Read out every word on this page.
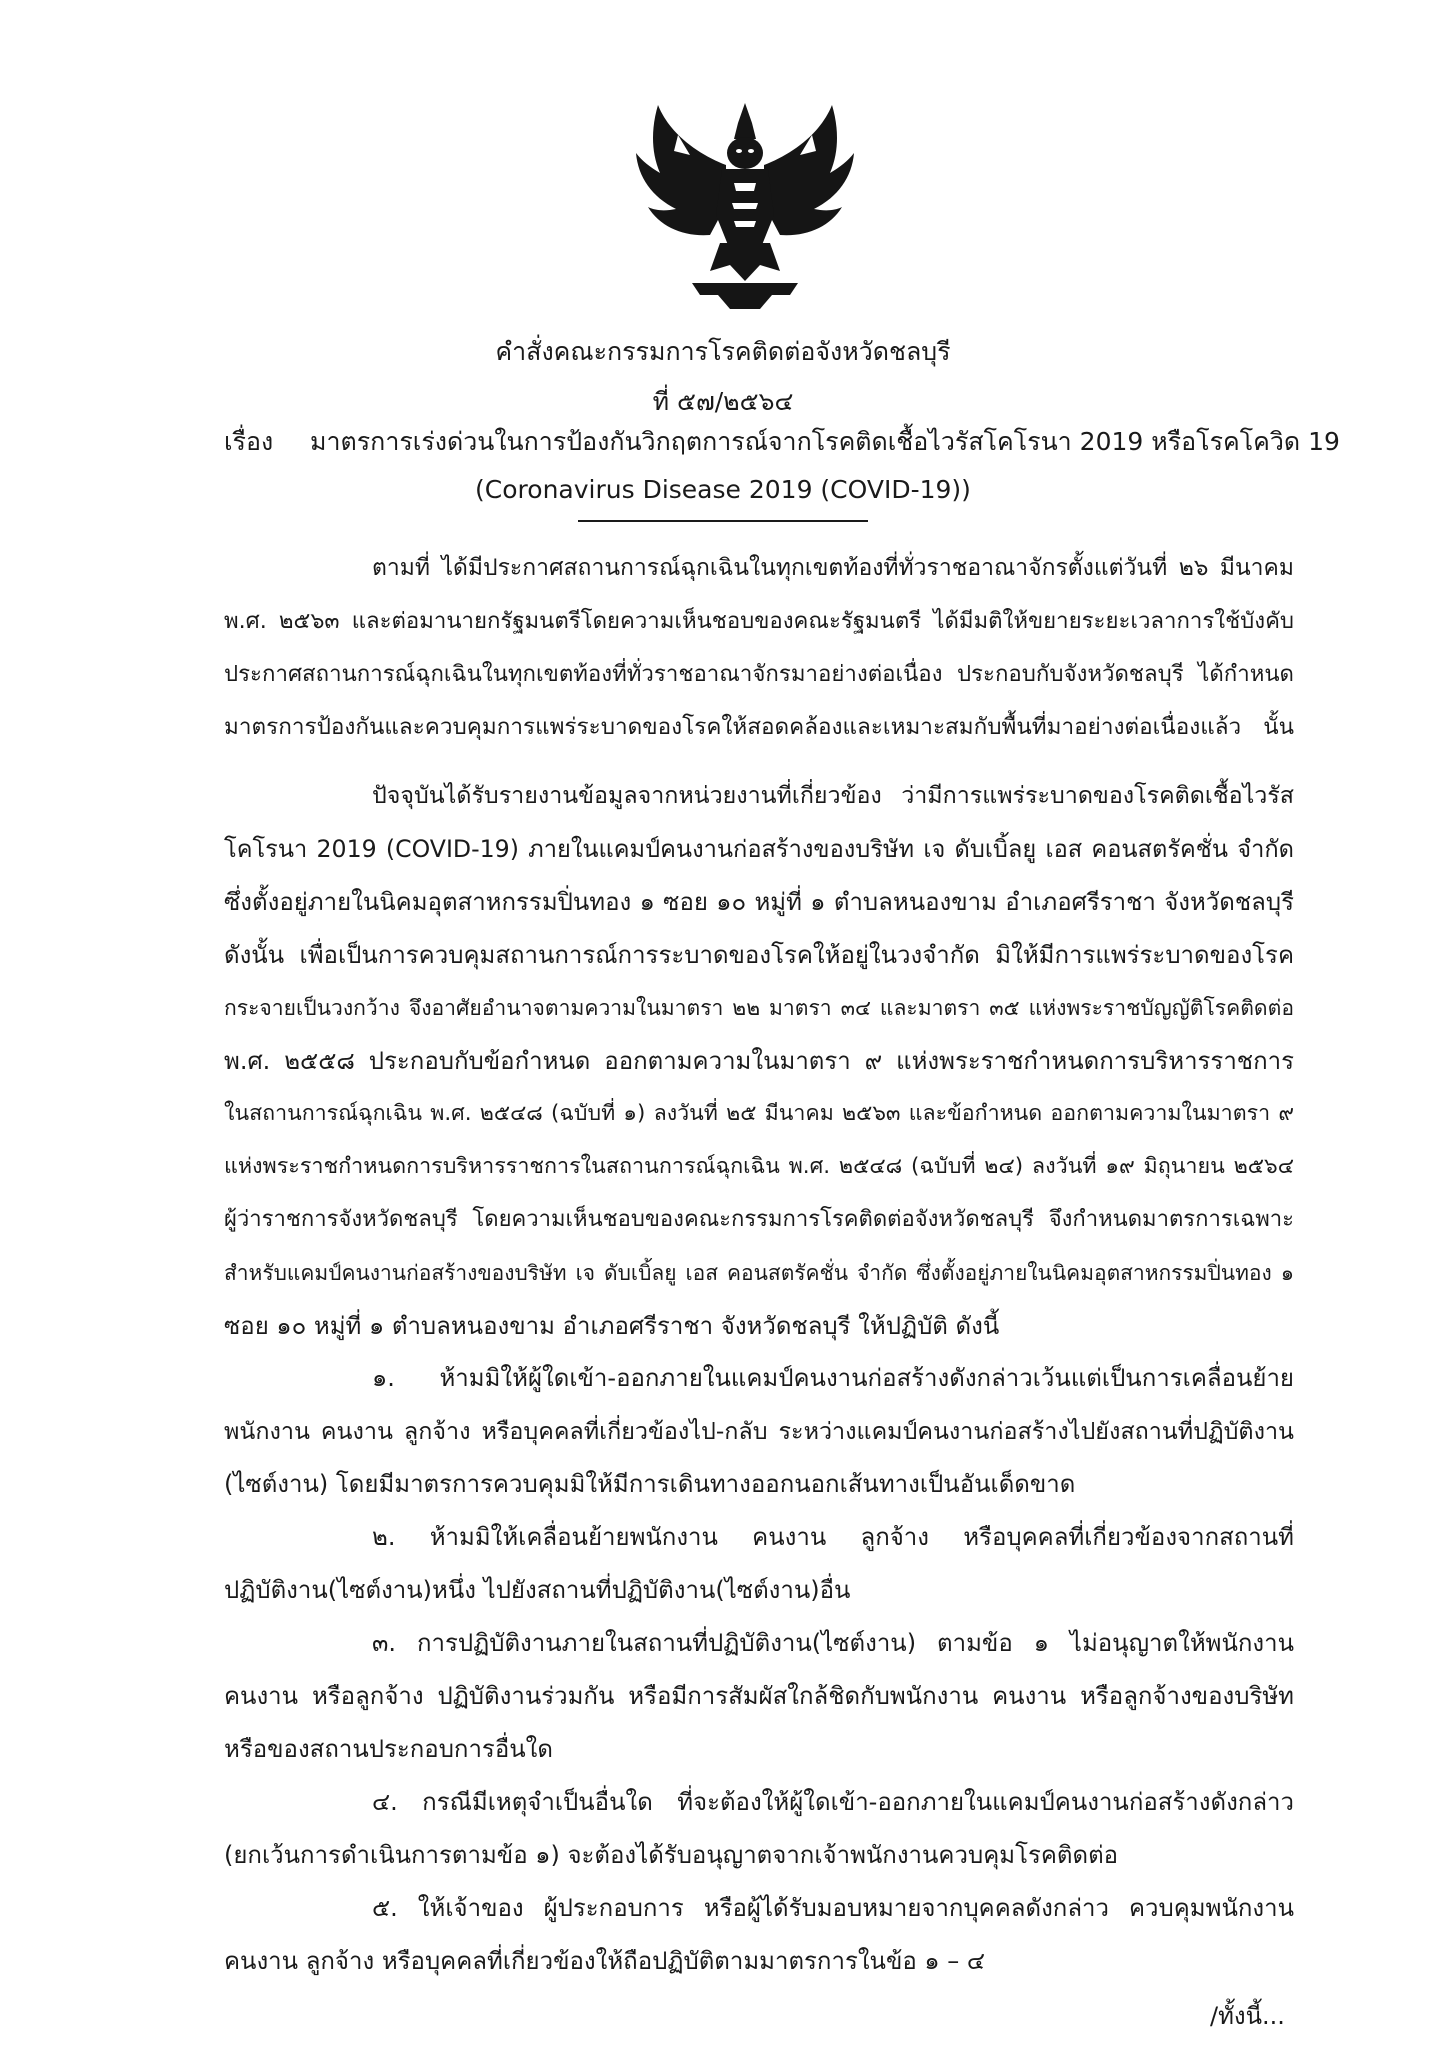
คำสั่งคณะกรรมการโรคติดต่อจังหวัดชลบุรี
ที่ ๕๗/๒๕๖๔
เรื่อง มาตรการเร่งด่วนในการป้องกันวิกฤตการณ์จากโรคติดเชื้อไวรัสโคโรนา 2019 หรือโรคโควิด 19
(Coronavirus Disease 2019 (COVID-19))
ตามที่ ได้มีประกาศสถานการณ์ฉุกเฉินในทุกเขตท้องที่ทั่วราชอาณาจักรตั้งแต่วันที่ ๒๖ มีนาคม
พ.ศ. ๒๕๖๓ และต่อมานายกรัฐมนตรีโดยความเห็นชอบของคณะรัฐมนตรี ได้มีมติให้ขยายระยะเวลาการใช้บังคับ
ประกาศสถานการณ์ฉุกเฉินในทุกเขตท้องที่ทั่วราชอาณาจักรมาอย่างต่อเนื่อง ประกอบกับจังหวัดชลบุรี ได้กำหนด
มาตรการป้องกันและควบคุมการแพร่ระบาดของโรคให้สอดคล้องและเหมาะสมกับพื้นที่มาอย่างต่อเนื่องแล้ว นั้น
ปัจจุบันได้รับรายงานข้อมูลจากหน่วยงานที่เกี่ยวข้อง ว่ามีการแพร่ระบาดของโรคติดเชื้อไวรัส
โคโรนา 2019 (COVID-19) ภายในแคมป์คนงานก่อสร้างของบริษัท เจ ดับเบิ้ลยู เอส คอนสตรัคชั่น จำกัด
ซึ่งตั้งอยู่ภายในนิคมอุตสาหกรรมปิ่นทอง ๑ ซอย ๑๐ หมู่ที่ ๑ ตำบลหนองขาม อำเภอศรีราชา จังหวัดชลบุรี
ดังนั้น เพื่อเป็นการควบคุมสถานการณ์การระบาดของโรคให้อยู่ในวงจำกัด มิให้มีการแพร่ระบาดของโรค
กระจายเป็นวงกว้าง จึงอาศัยอำนาจตามความในมาตรา ๒๒ มาตรา ๓๔ และมาตรา ๓๕ แห่งพระราชบัญญัติโรคติดต่อ
พ.ศ. ๒๕๕๘ ประกอบกับข้อกำหนด ออกตามความในมาตรา ๙ แห่งพระราชกำหนดการบริหารราชการ
ในสถานการณ์ฉุกเฉิน พ.ศ. ๒๕๔๘ (ฉบับที่ ๑) ลงวันที่ ๒๕ มีนาคม ๒๕๖๓ และข้อกำหนด ออกตามความในมาตรา ๙
แห่งพระราชกำหนดการบริหารราชการในสถานการณ์ฉุกเฉิน พ.ศ. ๒๕๔๘ (ฉบับที่ ๒๔) ลงวันที่ ๑๙ มิถุนายน ๒๕๖๔
ผู้ว่าราชการจังหวัดชลบุรี โดยความเห็นชอบของคณะกรรมการโรคติดต่อจังหวัดชลบุรี จึงกำหนดมาตรการเฉพาะ
สำหรับแคมป์คนงานก่อสร้างของบริษัท เจ ดับเบิ้ลยู เอส คอนสตรัคชั่น จำกัด ซึ่งตั้งอยู่ภายในนิคมอุตสาหกรรมปิ่นทอง ๑
ซอย ๑๐ หมู่ที่ ๑ ตำบลหนองขาม อำเภอศรีราชา จังหวัดชลบุรี ให้ปฏิบัติ ดังนี้
๑. ห้ามมิให้ผู้ใดเข้า-ออกภายในแคมป์คนงานก่อสร้างดังกล่าวเว้นแต่เป็นการเคลื่อนย้าย
พนักงาน คนงาน ลูกจ้าง หรือบุคคลที่เกี่ยวข้องไป-กลับ ระหว่างแคมป์คนงานก่อสร้างไปยังสถานที่ปฏิบัติงาน
(ไซต์งาน) โดยมีมาตรการควบคุมมิให้มีการเดินทางออกนอกเส้นทางเป็นอันเด็ดขาด
๒. ห้ามมิให้เคลื่อนย้ายพนักงาน คนงาน ลูกจ้าง หรือบุคคลที่เกี่ยวข้องจากสถานที่
ปฏิบัติงาน(ไซต์งาน)หนึ่ง ไปยังสถานที่ปฏิบัติงาน(ไซต์งาน)อื่น
๓. การปฏิบัติงานภายในสถานที่ปฏิบัติงาน(ไซต์งาน) ตามข้อ ๑ ไม่อนุญาตให้พนักงาน
คนงาน หรือลูกจ้าง ปฏิบัติงานร่วมกัน หรือมีการสัมผัสใกล้ชิดกับพนักงาน คนงาน หรือลูกจ้างของบริษัท
หรือของสถานประกอบการอื่นใด
๔. กรณีมีเหตุจำเป็นอื่นใด ที่จะต้องให้ผู้ใดเข้า-ออกภายในแคมป์คนงานก่อสร้างดังกล่าว
(ยกเว้นการดำเนินการตามข้อ ๑) จะต้องได้รับอนุญาตจากเจ้าพนักงานควบคุมโรคติดต่อ
๕. ให้เจ้าของ ผู้ประกอบการ หรือผู้ได้รับมอบหมายจากบุคคลดังกล่าว ควบคุมพนักงาน
คนงาน ลูกจ้าง หรือบุคคลที่เกี่ยวข้องให้ถือปฏิบัติตามมาตรการในข้อ ๑ – ๔
/ทั้งนี้...
